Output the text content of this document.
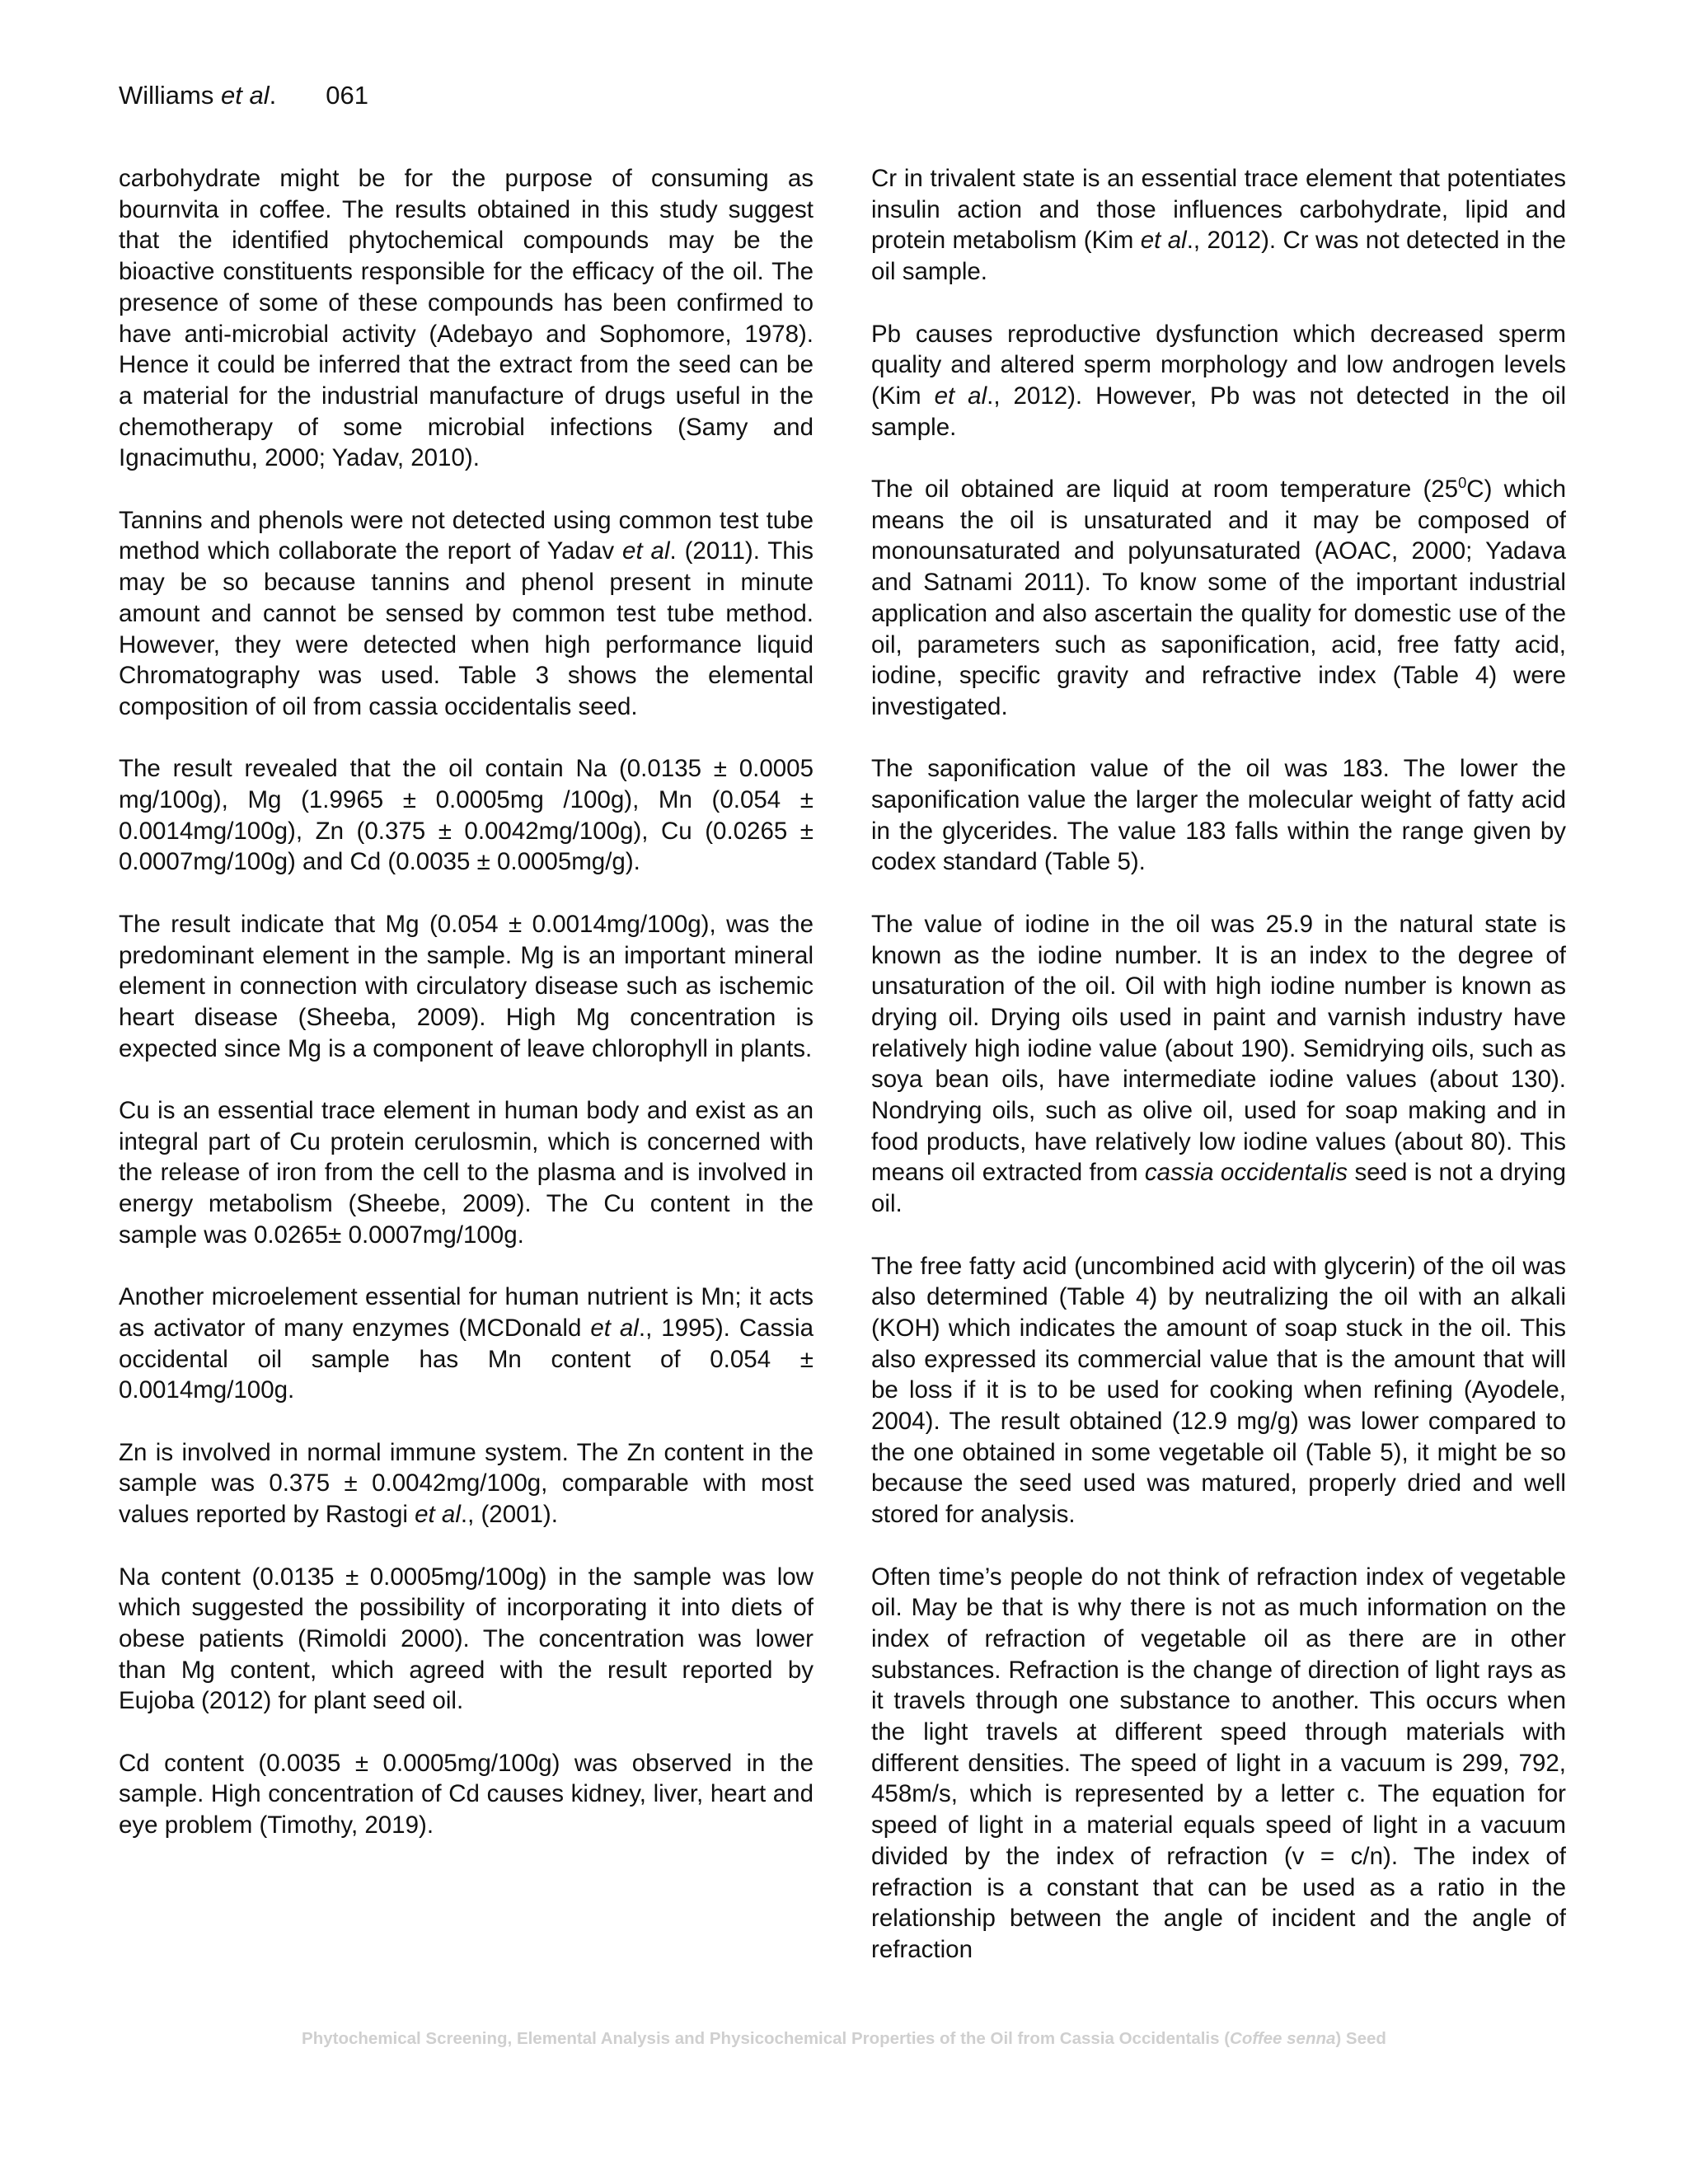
Williams et al. 061

carbohydrate might be for the purpose of consuming as bournvita in coffee. The results obtained in this study suggest that the identified phytochemical compounds may be the bioactive constituents responsible for the efficacy of the oil. The presence of some of these compounds has been confirmed to have anti-microbial activity (Adebayo and Sophomore, 1978). Hence it could be inferred that the extract from the seed can be a material for the industrial manufacture of drugs useful in the chemotherapy of some microbial infections (Samy and Ignacimuthu, 2000; Yadav, 2010).

Tannins and phenols were not detected using common test tube method which collaborate the report of Yadav et al. (2011). This may be so because tannins and phenol present in minute amount and cannot be sensed by common test tube method. However, they were detected when high performance liquid Chromatography was used. Table 3 shows the elemental composition of oil from cassia occidentalis seed.

The result revealed that the oil contain Na (0.0135 ± 0.0005 mg/100g), Mg (1.9965 ± 0.0005mg /100g), Mn (0.054 ± 0.0014mg/100g), Zn (0.375 ± 0.0042mg/100g), Cu (0.0265 ± 0.0007mg/100g) and Cd (0.0035 ± 0.0005mg/g).

The result indicate that Mg (0.054 ± 0.0014mg/100g), was the predominant element in the sample. Mg is an important mineral element in connection with circulatory disease such as ischemic heart disease (Sheeba, 2009). High Mg concentration is expected since Mg is a component of leave chlorophyll in plants.

Cu is an essential trace element in human body and exist as an integral part of Cu protein cerulosmin, which is concerned with the release of iron from the cell to the plasma and is involved in energy metabolism (Sheebe, 2009). The Cu content in the sample was 0.0265± 0.0007mg/100g.

Another microelement essential for human nutrient is Mn; it acts as activator of many enzymes (MCDonald et al., 1995). Cassia occidental oil sample has Mn content of 0.054 ± 0.0014mg/100g.

Zn is involved in normal immune system. The Zn content in the sample was 0.375 ± 0.0042mg/100g, comparable with most values reported by Rastogi et al., (2001).

Na content (0.0135 ± 0.0005mg/100g) in the sample was low which suggested the possibility of incorporating it into diets of obese patients (Rimoldi 2000). The concentration was lower than Mg content, which agreed with the result reported by Eujoba (2012) for plant seed oil.

Cd content (0.0035 ± 0.0005mg/100g) was observed in the sample. High concentration of Cd causes kidney, liver, heart and eye problem (Timothy, 2019).

Cr in trivalent state is an essential trace element that potentiates insulin action and those influences carbohydrate, lipid and protein metabolism (Kim et al., 2012). Cr was not detected in the oil sample.

Pb causes reproductive dysfunction which decreased sperm quality and altered sperm morphology and low androgen levels (Kim et al., 2012). However, Pb was not detected in the oil sample.

The oil obtained are liquid at room temperature $(25^0C)$ which means the oil is unsaturated and it may be composed of monounsaturated and polyunsaturated (AOAC, 2000; Yadava and Satnami 2011). To know some of the important industrial application and also ascertain the quality for domestic use of the oil, parameters such as saponification, acid, free fatty acid, iodine, specific gravity and refractive index (Table 4) were investigated.

The saponification value of the oil was 183. The lower the saponification value the larger the molecular weight of fatty acid in the glycerides. The value 183 falls within the range given by codex standard (Table 5).

The value of iodine in the oil was 25.9 in the natural state is known as the iodine number. It is an index to the degree of unsaturation of the oil. Oil with high iodine number is known as drying oil. Drying oils used in paint and varnish industry have relatively high iodine value (about 190). Semidrying oils, such as soya bean oils, have intermediate iodine values (about 130). Nondrying oils, such as olive oil, used for soap making and in food products, have relatively low iodine values (about 80). This means oil extracted from cassia occidentalis seed is not a drying oil.

The free fatty acid (uncombined acid with glycerin) of the oil was also determined (Table 4) by neutralizing the oil with an alkali (KOH) which indicates the amount of soap stuck in the oil. This also expressed its commercial value that is the amount that will be loss if it is to be used for cooking when refining (Ayodele, 2004). The result obtained (12.9 mg/g) was lower compared to the one obtained in some vegetable oil (Table 5), it might be so because the seed used was matured, properly dried and well stored for analysis.

Often time’s people do not think of refraction index of vegetable oil. May be that is why there is not as much information on the index of refraction of vegetable oil as there are in other substances. Refraction is the change of direction of light rays as it travels through one substance to another. This occurs when the light travels at different speed through materials with different densities. The speed of light in a vacuum is 299, 792, 458m/s, which is represented by a letter c. The equation for speed of light in a material equals speed of light in a vacuum divided by the index of refraction (v = c/n). The index of refraction is a constant that can be used as a ratio in the relationship between the angle of incident and the angle of refraction

Phytochemical Screening, Elemental Analysis and Physicochemical Properties of the Oil from Cassia Occidentalis (Coffee senna) Seed
